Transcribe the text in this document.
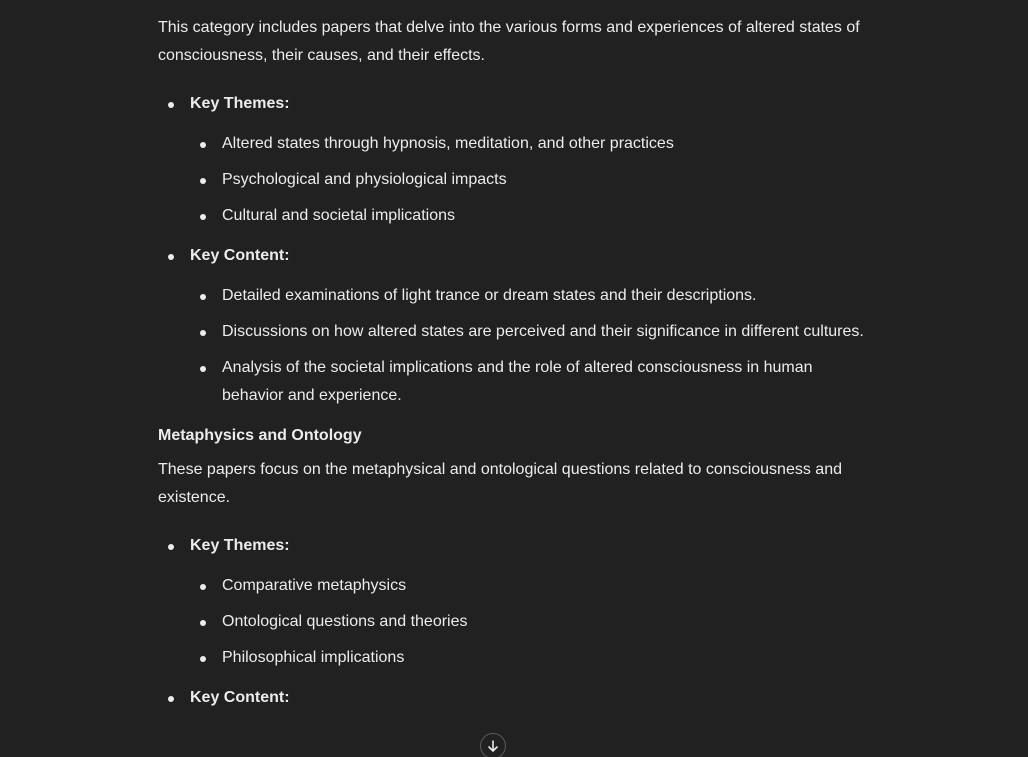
This category includes papers that delve into the various forms and experiences of altered states of consciousness, their causes, and their effects.

Key Themes:
Altered states through hypnosis, meditation, and other practices
Psychological and physiological impacts
Cultural and societal implications
Key Content:
Detailed examinations of light trance or dream states and their descriptions.
Discussions on how altered states are perceived and their significance in different cultures.
Analysis of the societal implications and the role of altered consciousness in human behavior and experience.
Metaphysics and Ontology

These papers focus on the metaphysical and ontological questions related to consciousness and existence.

Key Themes:
Comparative metaphysics
Ontological questions and theories
Philosophical implications
Key Content:
